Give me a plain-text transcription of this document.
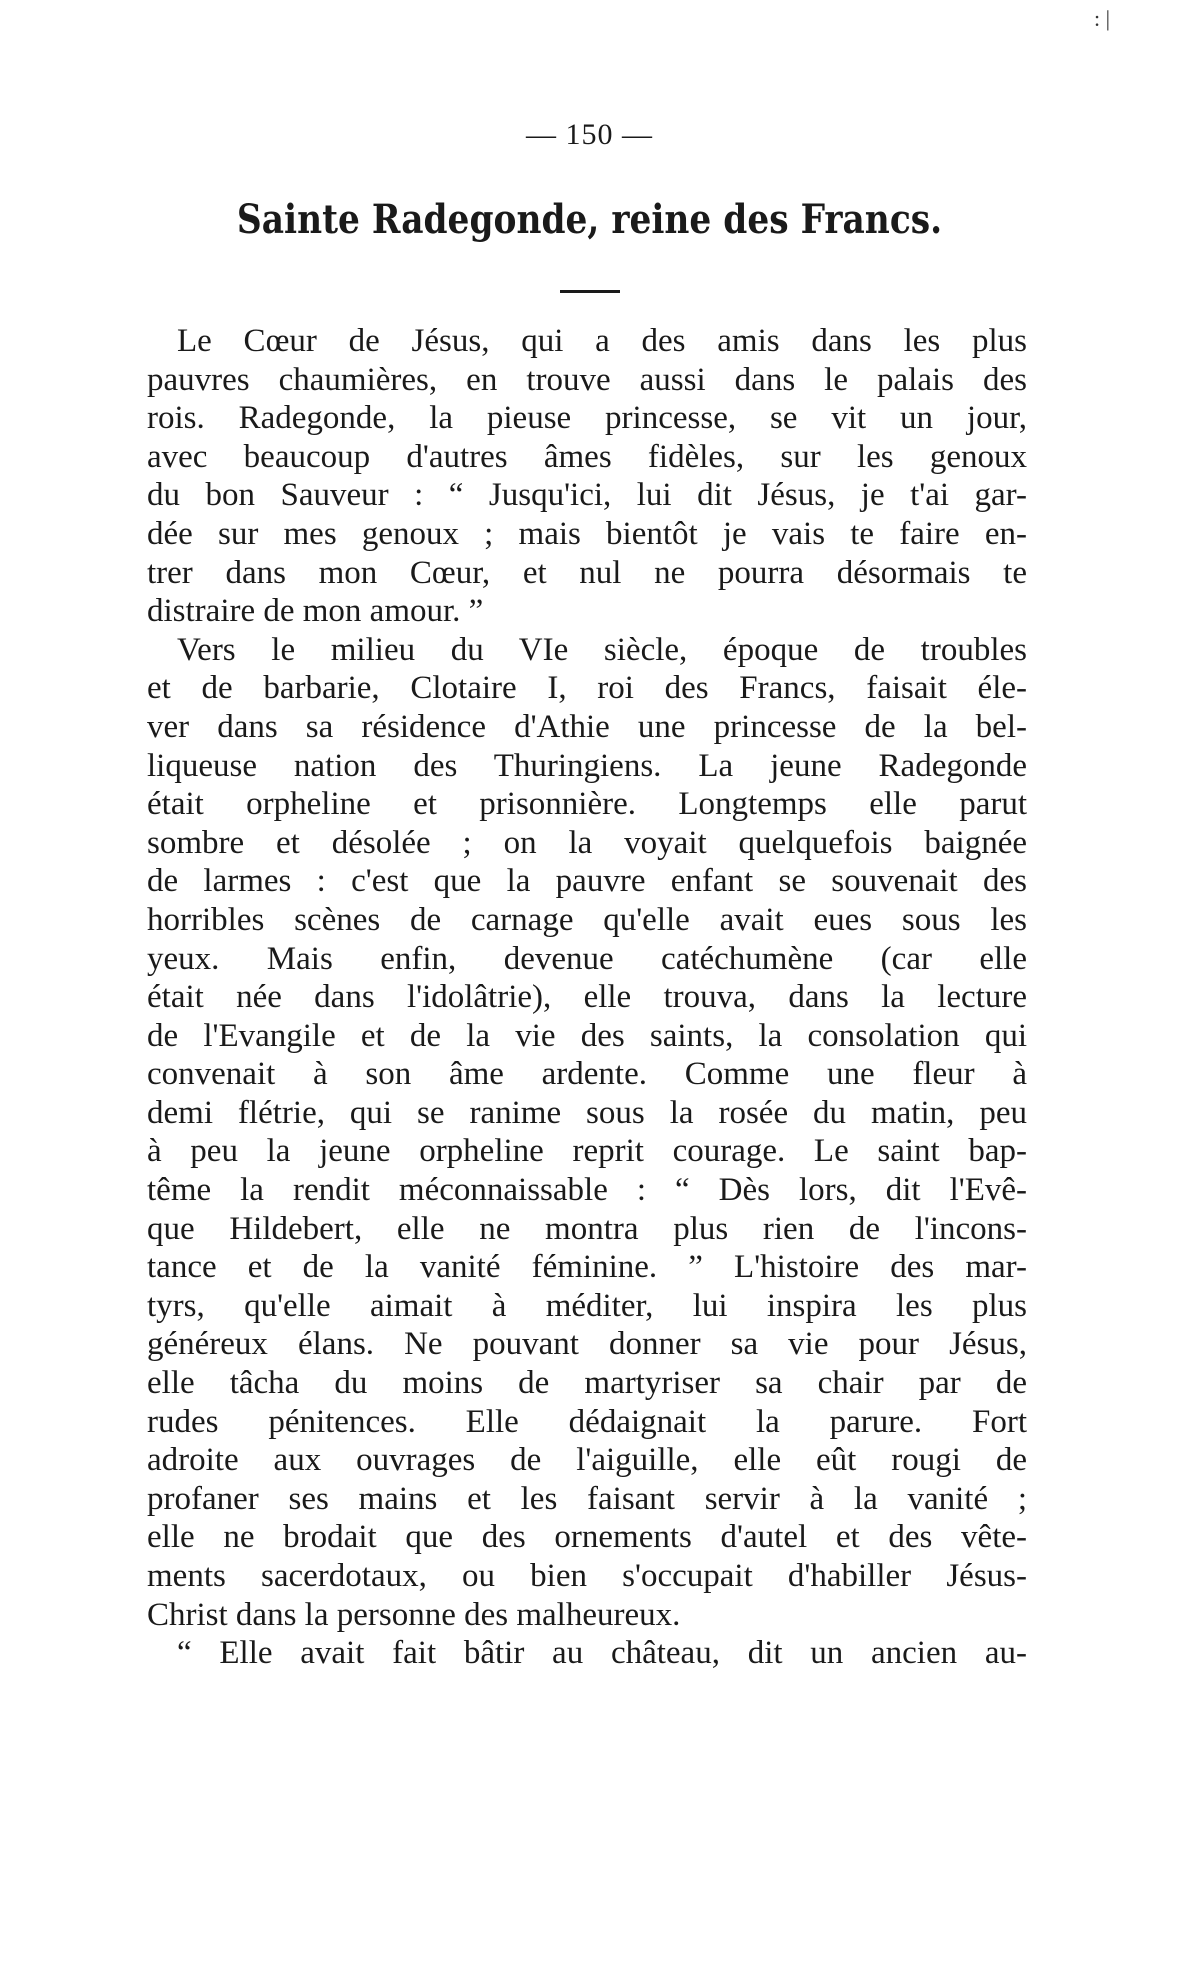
: |
— 150 —
Sainte Radegonde, reine des Francs.
Le Cœur de Jésus, qui a des amis dans les plus
pauvres chaumières, en trouve aussi dans le palais des
rois. Radegonde, la pieuse princesse, se vit un jour,
avec beaucoup d'autres âmes fidèles, sur les genoux
du bon Sauveur : “ Jusqu'ici, lui dit Jésus, je t'ai gar-
dée sur mes genoux ; mais bientôt je vais te faire en-
trer dans mon Cœur, et nul ne pourra désormais te
distraire de mon amour. ”
Vers le milieu du VIe siècle, époque de troubles
et de barbarie, Clotaire I, roi des Francs, faisait éle-
ver dans sa résidence d'Athie une princesse de la bel-
liqueuse nation des Thuringiens. La jeune Radegonde
était orpheline et prisonnière. Longtemps elle parut
sombre et désolée ; on la voyait quelquefois baignée
de larmes : c'est que la pauvre enfant se souvenait des
horribles scènes de carnage qu'elle avait eues sous les
yeux. Mais enfin, devenue catéchumène (car elle
était née dans l'idolâtrie), elle trouva, dans la lecture
de l'Evangile et de la vie des saints, la consolation qui
convenait à son âme ardente. Comme une fleur à
demi flétrie, qui se ranime sous la rosée du matin, peu
à peu la jeune orpheline reprit courage. Le saint bap-
tême la rendit méconnaissable : “ Dès lors, dit l'Evê-
que Hildebert, elle ne montra plus rien de l'incons-
tance et de la vanité féminine. ” L'histoire des mar-
tyrs, qu'elle aimait à méditer, lui inspira les plus
généreux élans. Ne pouvant donner sa vie pour Jésus,
elle tâcha du moins de martyriser sa chair par de
rudes pénitences. Elle dédaignait la parure. Fort
adroite aux ouvrages de l'aiguille, elle eût rougi de
profaner ses mains et les faisant servir à la vanité ;
elle ne brodait que des ornements d'autel et des vête-
ments sacerdotaux, ou bien s'occupait d'habiller Jésus-
Christ dans la personne des malheureux.
“ Elle avait fait bâtir au château, dit un ancien au-
